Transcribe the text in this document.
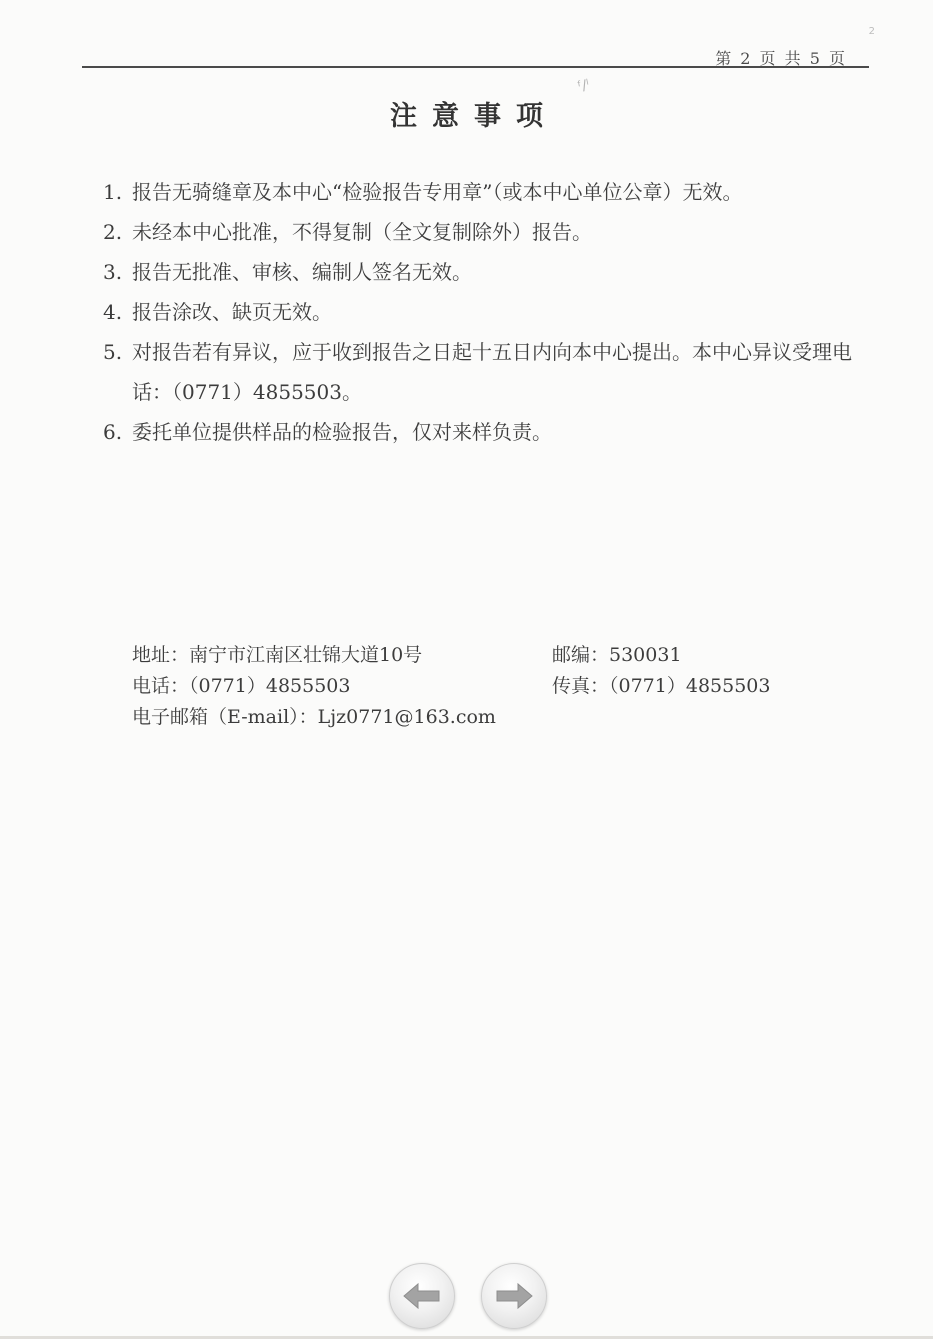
2
第 2 页 共 5 页
ᶠ/ˡ
注意事项
1. 报告无骑缝章及本中心“检验报告专用章”（或本中心单位公章）无效。
2. 未经本中心批准，不得复制（全文复制除外）报告。
3. 报告无批准、审核、编制人签名无效。
4. 报告涂改、缺页无效。
5. 对报告若有异议，应于收到报告之日起十五日内向本中心提出。本中心异议受理电话：（0771）4855503。
6. 委托单位提供样品的检验报告，仅对来样负责。
地址：南宁市江南区壮锦大道10号	邮编：530031
电话：（0771）4855503	传真：（0771）4855503
电子邮箱（E-mail）：Ljz0771@163.com
